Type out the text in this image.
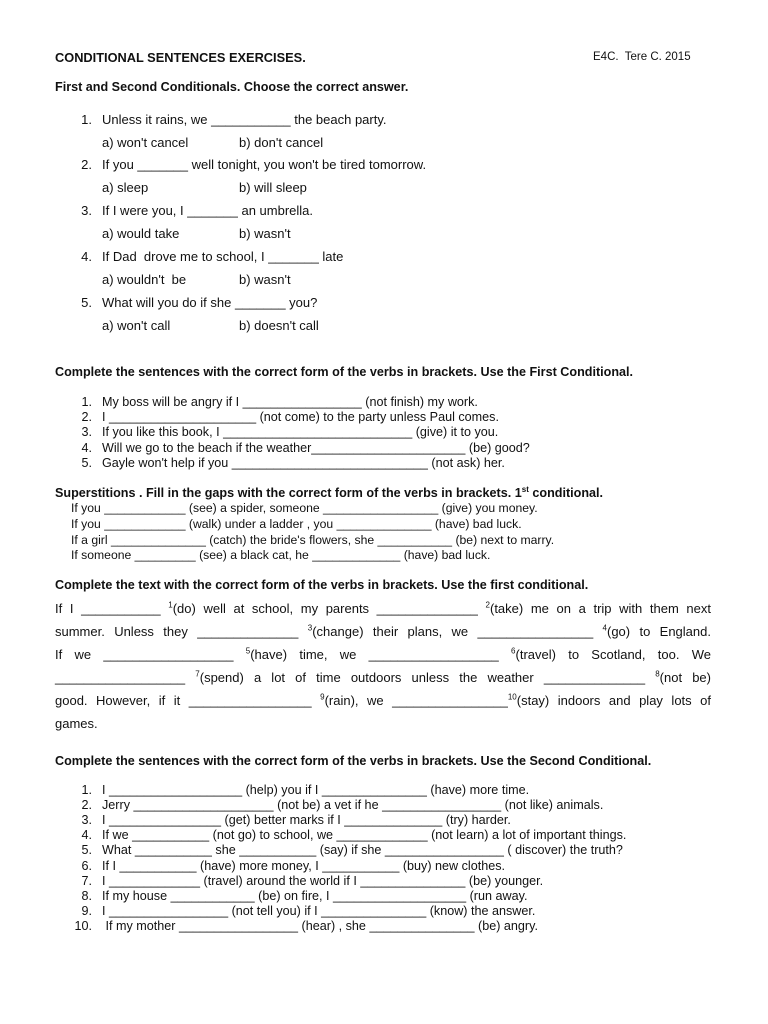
CONDITIONAL SENTENCES EXERCISES.	E4C.  Tere C. 2015
First and Second Conditionals. Choose the correct answer.
1. Unless it rains, we ___________ the beach party.
a) won't cancel	b) don't cancel
2. If you _______ well tonight, you won't be tired tomorrow.
a) sleep	b) will sleep
3. If I were you, I _______ an umbrella.
a) would take	b) wasn't
4. If Dad  drove me to school, I _______ late
a) wouldn't  be	b) wasn't
5. What will you do if she _______ you?
a) won't call	b) doesn't call
Complete the sentences with the correct form of the verbs in brackets. Use the First Conditional.
1. My boss will be angry if I _________________ (not finish) my work.
2. I _____________________ (not come) to the party unless Paul comes.
3. If you like this book, I ___________________________ (give) it to you.
4. Will we go to the beach if the weather______________________ (be) good?
5. Gayle won't help if you ____________________________ (not ask) her.
Superstitions . Fill in the gaps with the correct form of the verbs in brackets. 1st conditional.
If you ____________ (see) a spider, someone _________________ (give) you money.
If you ____________ (walk) under a ladder , you ______________ (have) bad luck.
If a girl ______________ (catch) the bride's flowers, she ___________ (be) next to marry.
If someone _________ (see) a black cat, he _____________ (have) bad luck.
Complete the text with the correct form of the verbs in brackets. Use the first conditional.
If I ___________ $^1$(do) well at school, my parents ______________ $^2$(take) me on a trip with them next
summer. Unless they ______________ $^3$(change) their plans, we ________________ $^4$(go) to England.
If we __________________ $^5$(have) time, we __________________ $^6$(travel) to Scotland, too. We
__________________ $^7$(spend) a lot of time outdoors unless the weather ______________ $^8$(not be)
good. However, if it _________________ $^9$(rain), we ________________$^{10}$(stay) indoors and play lots of
games.
Complete the sentences with the correct form of the verbs in brackets. Use the Second Conditional.
1. I ___________________ (help) you if I _______________ (have) more time.
2. Jerry ____________________ (not be) a vet if he _________________ (not like) animals.
3. I ________________ (get) better marks if I ______________ (try) harder.
4. If we ___________ (not go) to school, we _____________ (not learn) a lot of important things.
5. What ___________ she ___________ (say) if she _________________ ( discover) the truth?
6. If I ___________ (have) more money, I ___________ (buy) new clothes.
7. I _____________ (travel) around the world if I _______________ (be) younger.
8. If my house ____________ (be) on fire, I ___________________ (run away.
9. I _________________ (not tell you) if I _______________ (know) the answer.
10. If my mother _________________ (hear) , she _______________ (be) angry.
